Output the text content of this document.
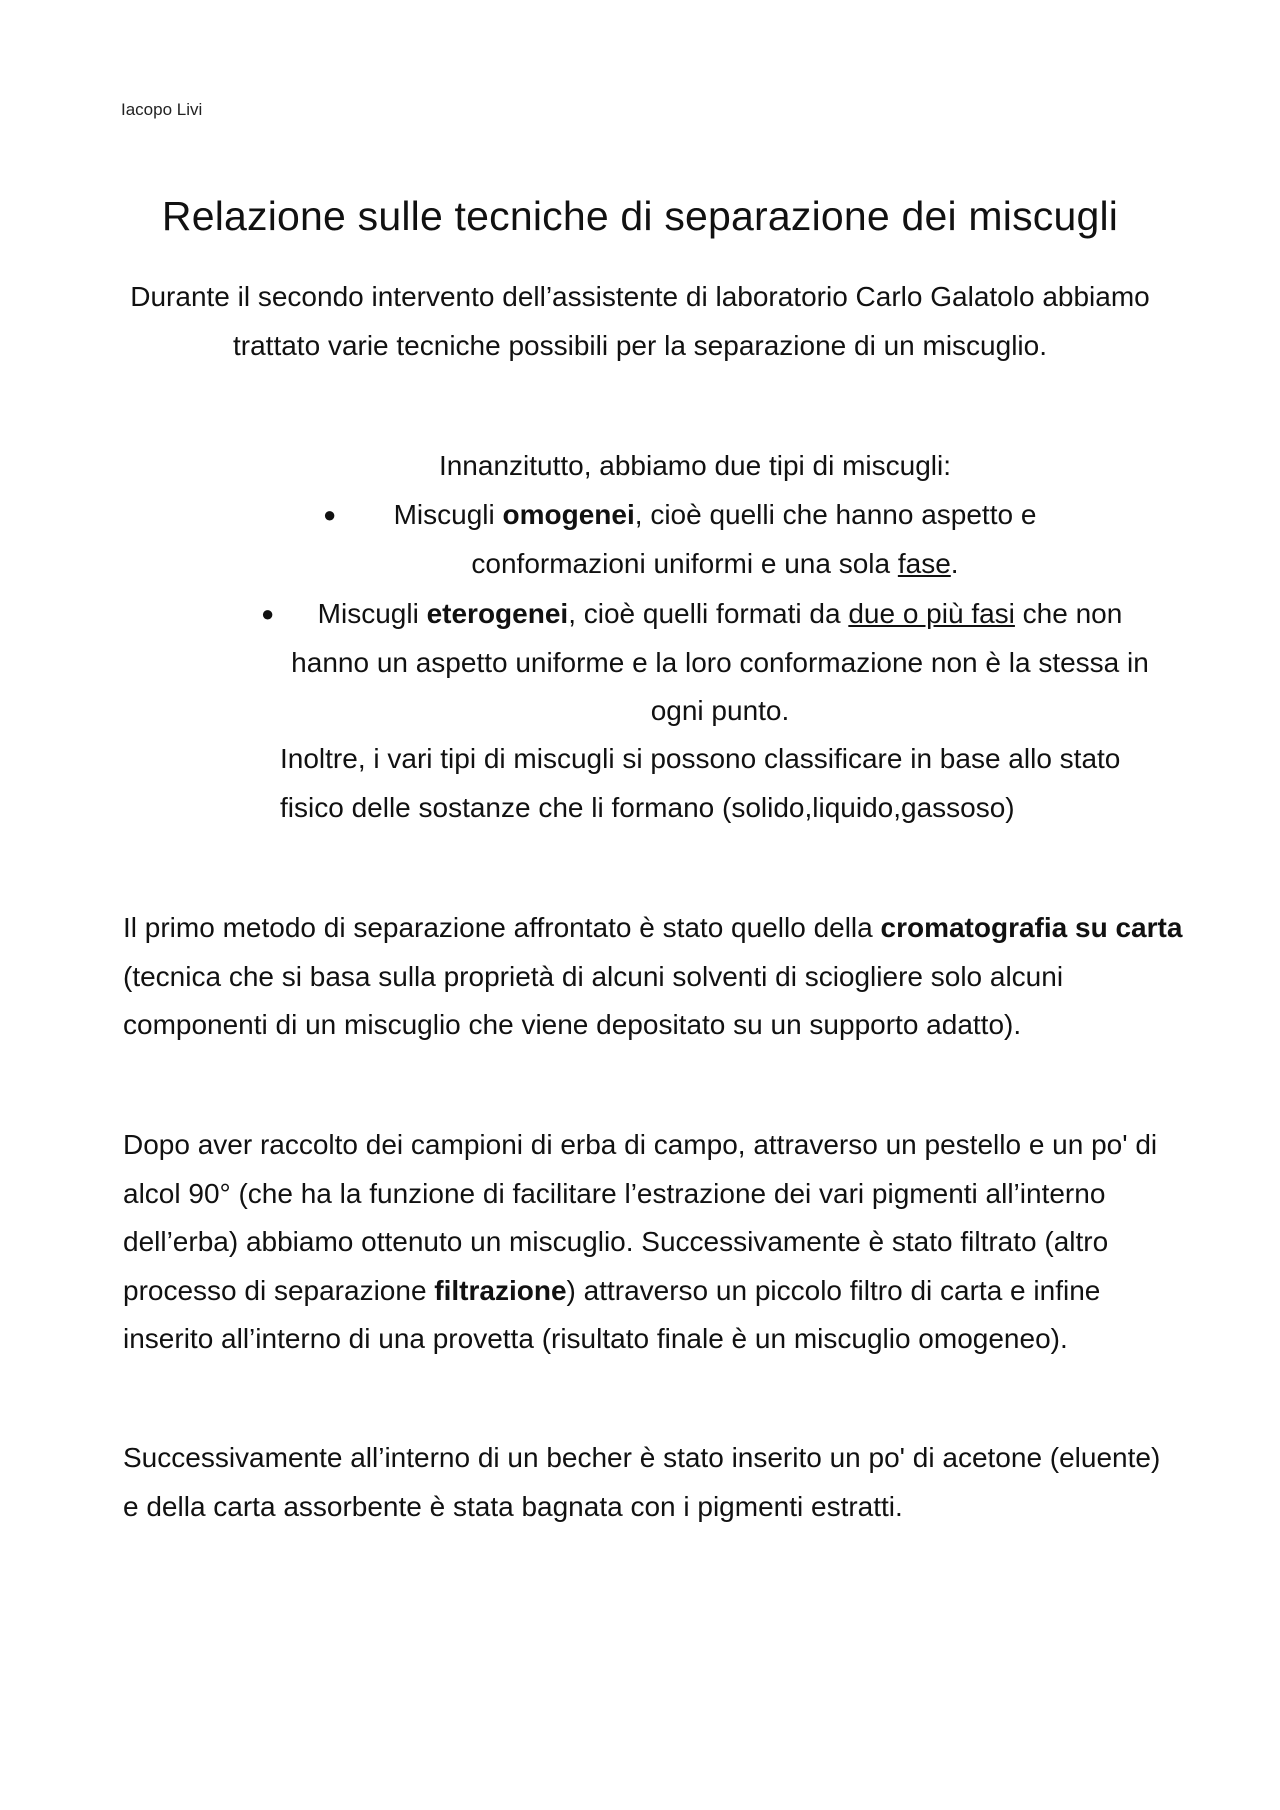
Iacopo Livi
Relazione sulle tecniche di separazione dei miscugli

Durante il secondo intervento dell’assistente di laboratorio Carlo Galatolo abbiamo trattato varie tecniche possibili per la separazione di un miscuglio.

Innanzitutto, abbiamo due tipi di miscugli:

● Miscugli omogenei, cioè quelli che hanno aspetto e conformazioni uniformi e una sola fase.

● Miscugli eterogenei, cioè quelli formati da due o più fasi che non hanno un aspetto uniforme e la loro conformazione non è la stessa in ogni punto.

Inoltre, i vari tipi di miscugli si possono classificare in base allo stato fisico delle sostanze che li formano (solido,liquido,gassoso)

Il primo metodo di separazione affrontato è stato quello della cromatografia su carta (tecnica che si basa sulla proprietà di alcuni solventi di sciogliere solo alcuni componenti di un miscuglio che viene depositato su un supporto adatto).

Dopo aver raccolto dei campioni di erba di campo, attraverso un pestello e un po' di alcol 90° (che ha la funzione di facilitare l’estrazione dei vari pigmenti all’interno dell’erba) abbiamo ottenuto un miscuglio. Successivamente è stato filtrato (altro processo di separazione filtrazione) attraverso un piccolo filtro di carta e infine inserito all’interno di una provetta (risultato finale è un miscuglio omogeneo).

Successivamente all’interno di un becher è stato inserito un po' di acetone (eluente) e della carta assorbente è stata bagnata con i pigmenti estratti.
